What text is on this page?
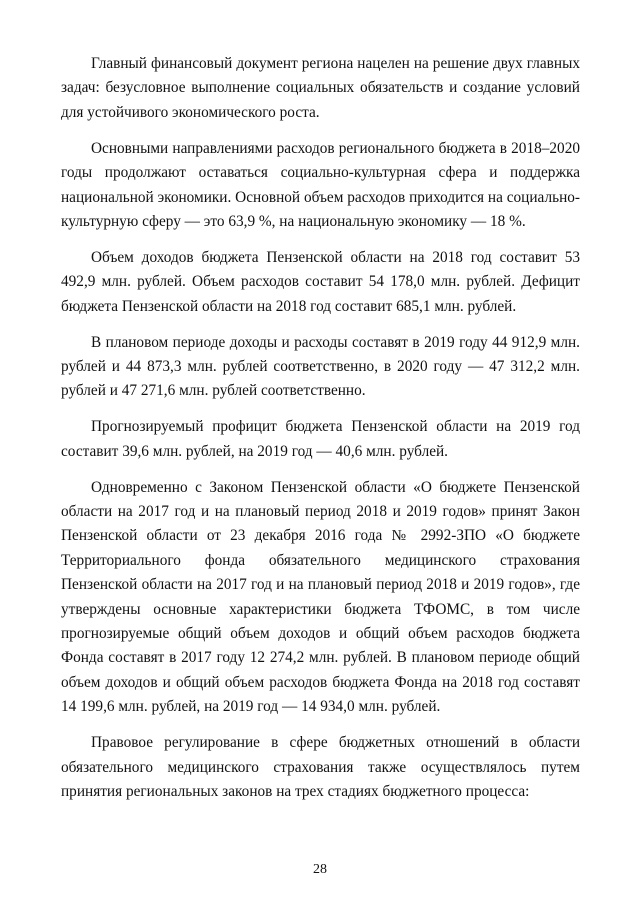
Главный финансовый документ региона нацелен на решение двух главных задач: безусловное выполнение социальных обязательств и создание условий для устойчивого экономического роста.

Основными направлениями расходов регионального бюджета в 2018–2020 годы продолжают оставаться социально-культурная сфера и поддержка национальной экономики. Основной объем расходов приходится на социально-культурную сферу — это 63,9 %, на национальную экономику — 18 %.

Объем доходов бюджета Пензенской области на 2018 год составит 53 492,9 млн. рублей. Объем расходов составит 54 178,0 млн. рублей. Дефицит бюджета Пензенской области на 2018 год составит 685,1 млн. рублей.

В плановом периоде доходы и расходы составят в 2019 году 44 912,9 млн. рублей и 44 873,3 млн. рублей соответственно, в 2020 году — 47 312,2 млн. рублей и 47 271,6 млн. рублей соответственно.

Прогнозируемый профицит бюджета Пензенской области на 2019 год составит 39,6 млн. рублей, на 2019 год — 40,6 млн. рублей.

Одновременно с Законом Пензенской области «О бюджете Пензенской области на 2017 год и на плановый период 2018 и 2019 годов» принят Закон Пензенской области от 23 декабря 2016 года № 2992-ЗПО «О бюджете Территориального фонда обязательного медицинского страхования Пензенской области на 2017 год и на плановый период 2018 и 2019 годов», где утверждены основные характеристики бюджета ТФОМС, в том числе прогнозируемые общий объем доходов и общий объем расходов бюджета Фонда составят в 2017 году 12 274,2 млн. рублей. В плановом периоде общий объем доходов и общий объем расходов бюджета Фонда на 2018 год составят 14 199,6 млн. рублей, на 2019 год — 14 934,0 млн. рублей.

Правовое регулирование в сфере бюджетных отношений в области обязательного медицинского страхования также осуществлялось путем принятия региональных законов на трех стадиях бюджетного процесса:

28
